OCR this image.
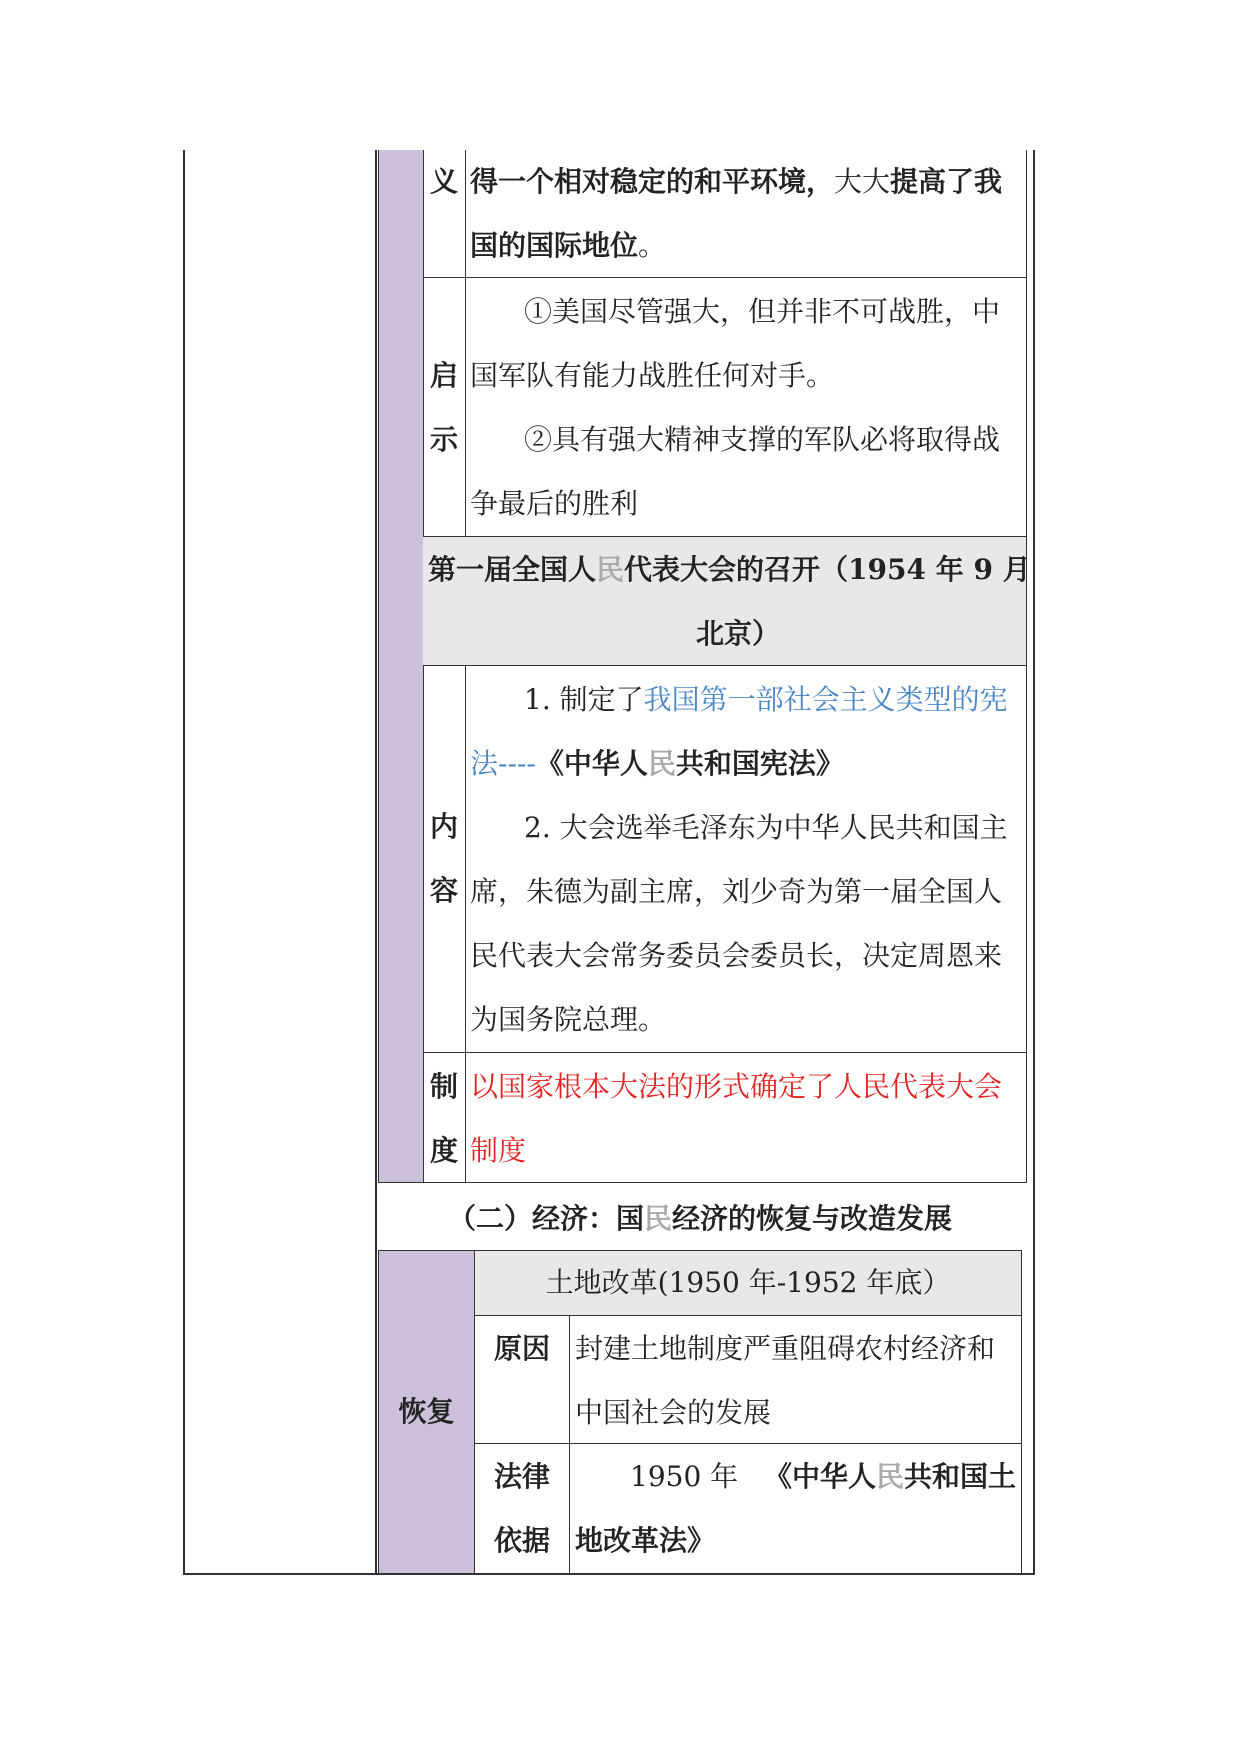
义 得一个相对稳定的和平环境，大大提高了我
国的国际地位。
启
示
①美国尽管强大，但并非不可战胜，中
国军队有能力战胜任何对手。
②具有强大精神支撑的军队必将取得战
争最后的胜利
第一届全国人民代表大会的召开（1954 年 9 月
北京）
内
容
1. 制定了我国第一部社会主义类型的宪
法----《中华人民共和国宪法》
2. 大会选举毛泽东为中华人民共和国主
席，朱德为副主席，刘少奇为第一届全国人
民代表大会常务委员会委员长，决定周恩来
为国务院总理。
制
度
以国家根本大法的形式确定了人民代表大会
制度
（二）经济：国民经济的恢复与改造发展
恢复
土地改革(1950 年-1952 年底）
原因 封建土地制度严重阻碍农村经济和
中国社会的发展
法律
依据
1950 年 《中华人民共和国土
地改革法》
